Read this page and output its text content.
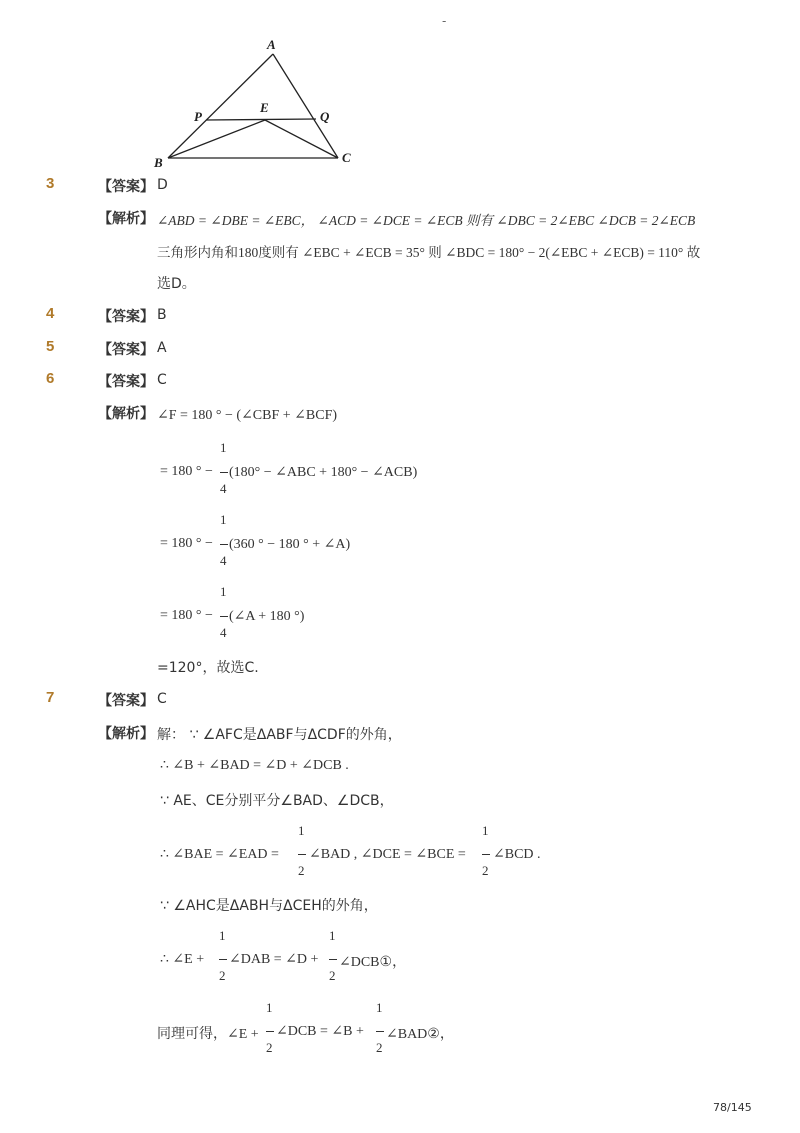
-
A
P
E
Q
B	C
3	【答案】 D
【解析】 ∠ABD = ∠DBE = ∠EBC， ∠ACD = ∠DCE = ∠ECB 则有 ∠DBC = 2∠EBC ∠DCB = 2∠ECB
三角形内角和180度则有 ∠EBC + ∠ECB = 35° 则 ∠BDC = 180° − 2(∠EBC + ∠ECB) = 110° 故
选D。
4	【答案】 B
5	【答案】 A
6	【答案】 C
【解析】 ∠F = 180 ° − (∠CBF + ∠BCF)
1
= 180 ° − (180° − ∠ABC + 180° − ∠ACB)
4
1
= 180 ° − (360 ° − 180 ° + ∠A)
4
1
= 180 ° − (∠A + 180 °)
4
=120°，故选C.
7	【答案】 C
【解析】 解： ∵ ∠AFC是ΔABF与ΔCDF的外角，
∴ ∠B + ∠BAD = ∠D + ∠DCB .
∵ AE、CE分别平分∠BAD、∠DCB，
1
∴ ∠BAE = ∠EAD = ∠BAD , ∠DCE = ∠BCE =
2
1
∠BCD .
2
∵ ∠AHC是ΔABH与ΔCEH的外角，
1
∴ ∠E + ∠DAB = ∠D +
2
1
∠DCB①，
2
1
同理可得，∠E + ∠DCB = ∠B +
2
1
∠BAD②，
2
78/145
